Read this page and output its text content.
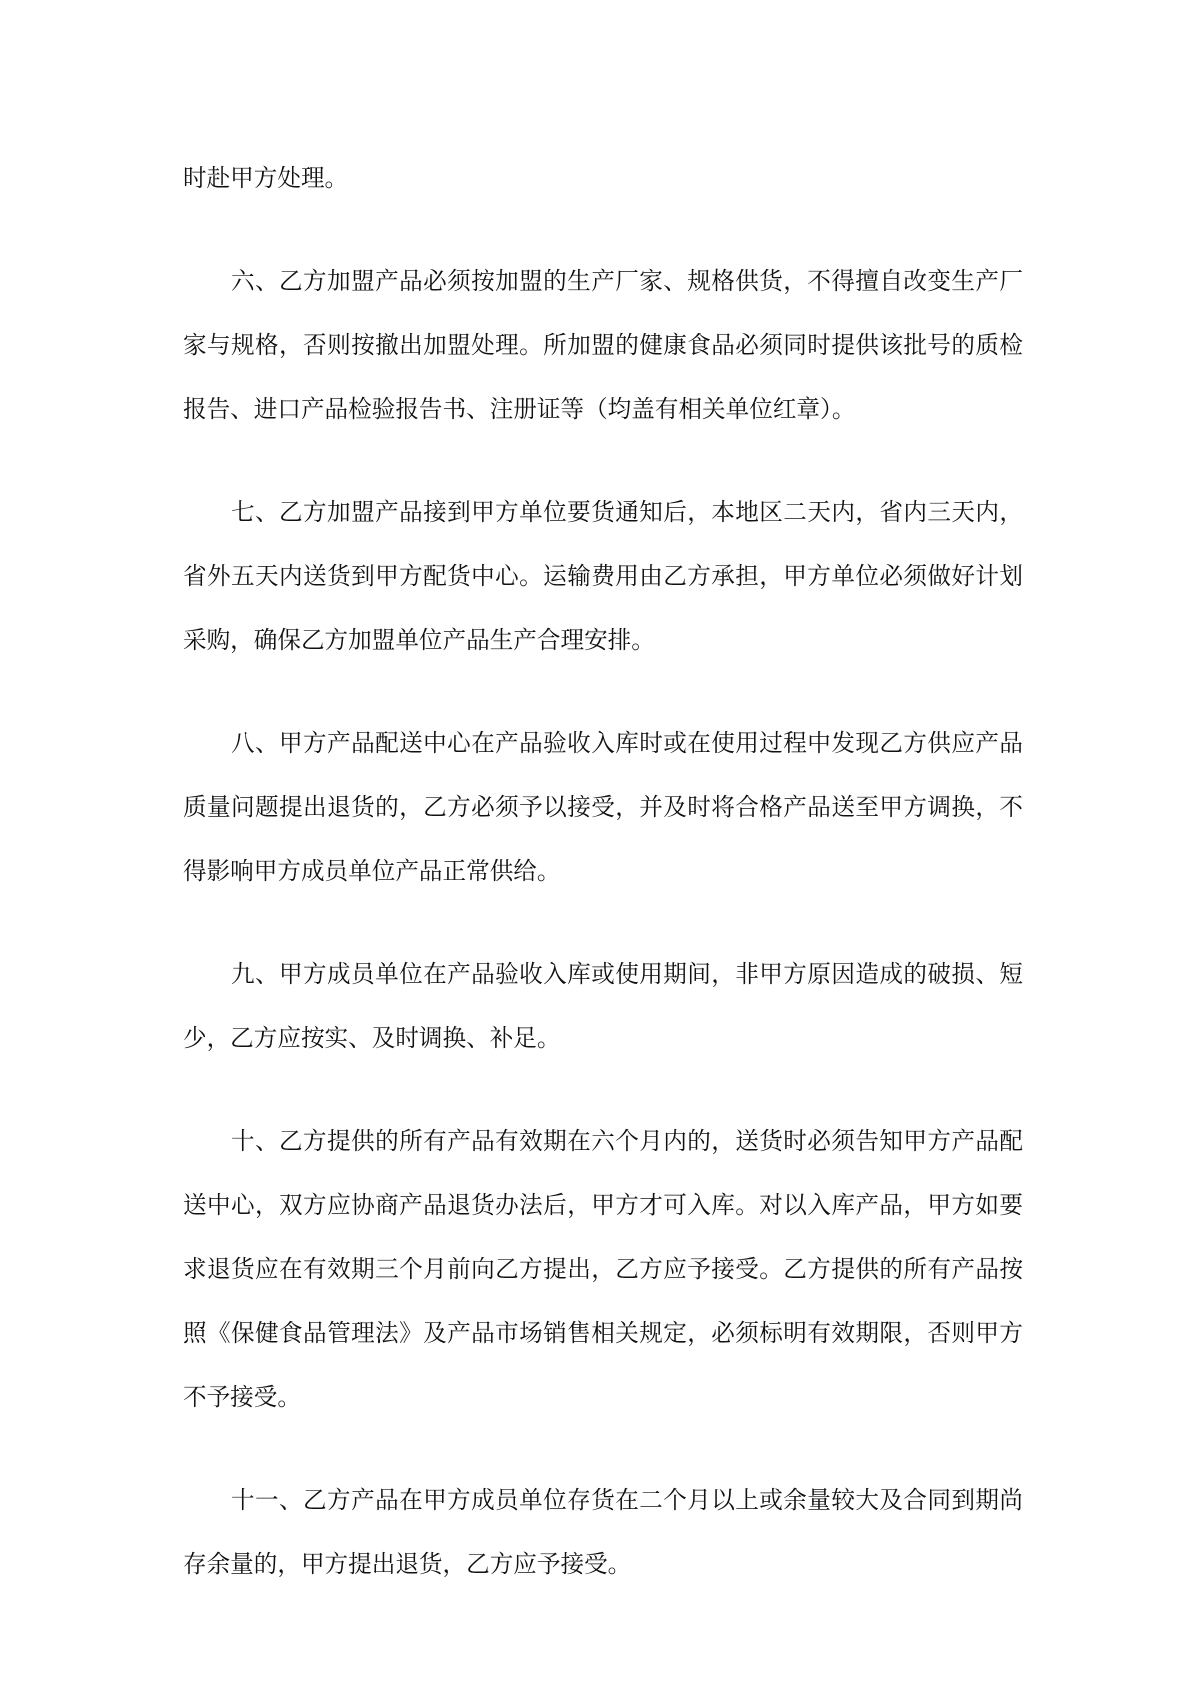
时赴甲方处理。

六、乙方加盟产品必须按加盟的生产厂家、规格供货，不得擅自改变生产厂家与规格，否则按撤出加盟处理。所加盟的健康食品必须同时提供该批号的质检报告、进口产品检验报告书、注册证等（均盖有相关单位红章）。

七、乙方加盟产品接到甲方单位要货通知后，本地区二天内，省内三天内，省外五天内送货到甲方配货中心。运输费用由乙方承担，甲方单位必须做好计划采购，确保乙方加盟单位产品生产合理安排。

八、甲方产品配送中心在产品验收入库时或在使用过程中发现乙方供应产品质量问题提出退货的，乙方必须予以接受，并及时将合格产品送至甲方调换，不得影响甲方成员单位产品正常供给。

九、甲方成员单位在产品验收入库或使用期间，非甲方原因造成的破损、短少，乙方应按实、及时调换、补足。

十、乙方提供的所有产品有效期在六个月内的，送货时必须告知甲方产品配送中心，双方应协商产品退货办法后，甲方才可入库。对以入库产品，甲方如要求退货应在有效期三个月前向乙方提出，乙方应予接受。乙方提供的所有产品按照《保健食品管理法》及产品市场销售相关规定，必须标明有效期限，否则甲方不予接受。

十一、乙方产品在甲方成员单位存货在二个月以上或余量较大及合同到期尚存余量的，甲方提出退货，乙方应予接受。
